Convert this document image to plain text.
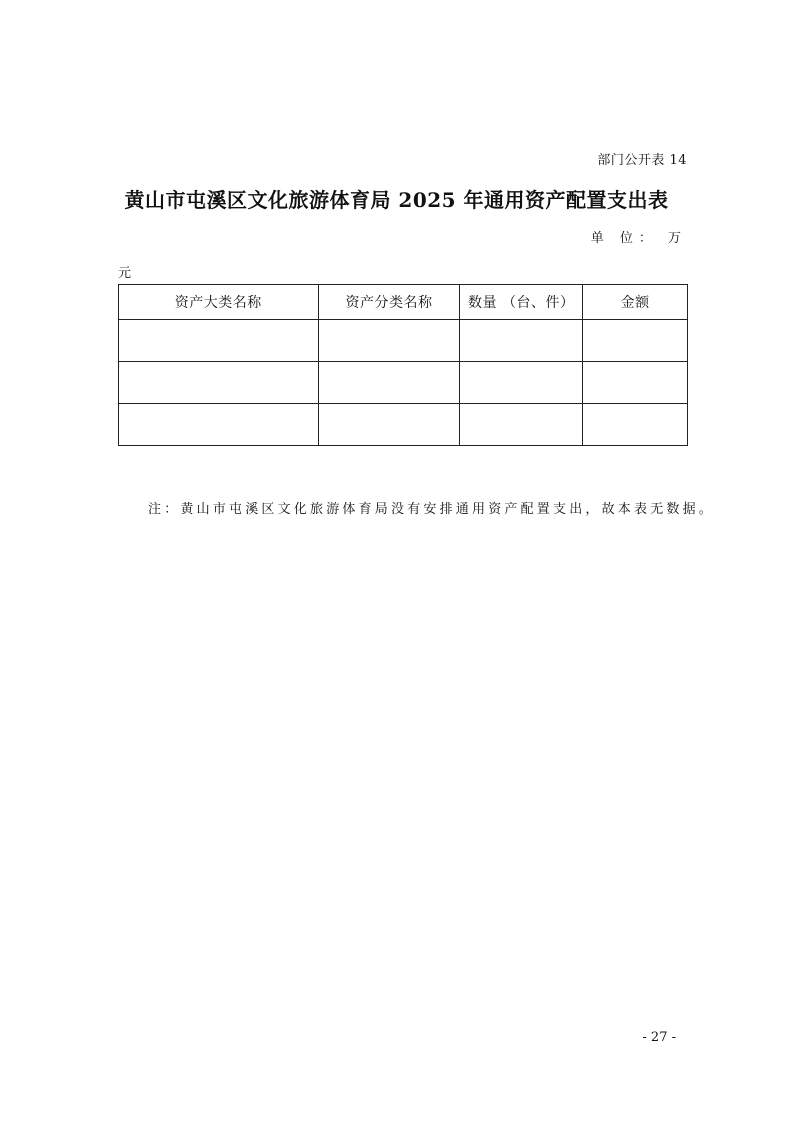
部门公开表 14
黄山市屯溪区文化旅游体育局 2025 年通用资产配置支出表
单 位： 万
元
资产大类名称	资产分类名称	数量 （台、件）	金额

注：黄山市屯溪区文化旅游体育局没有安排通用资产配置支出，故本表无数据。
- 27 -
